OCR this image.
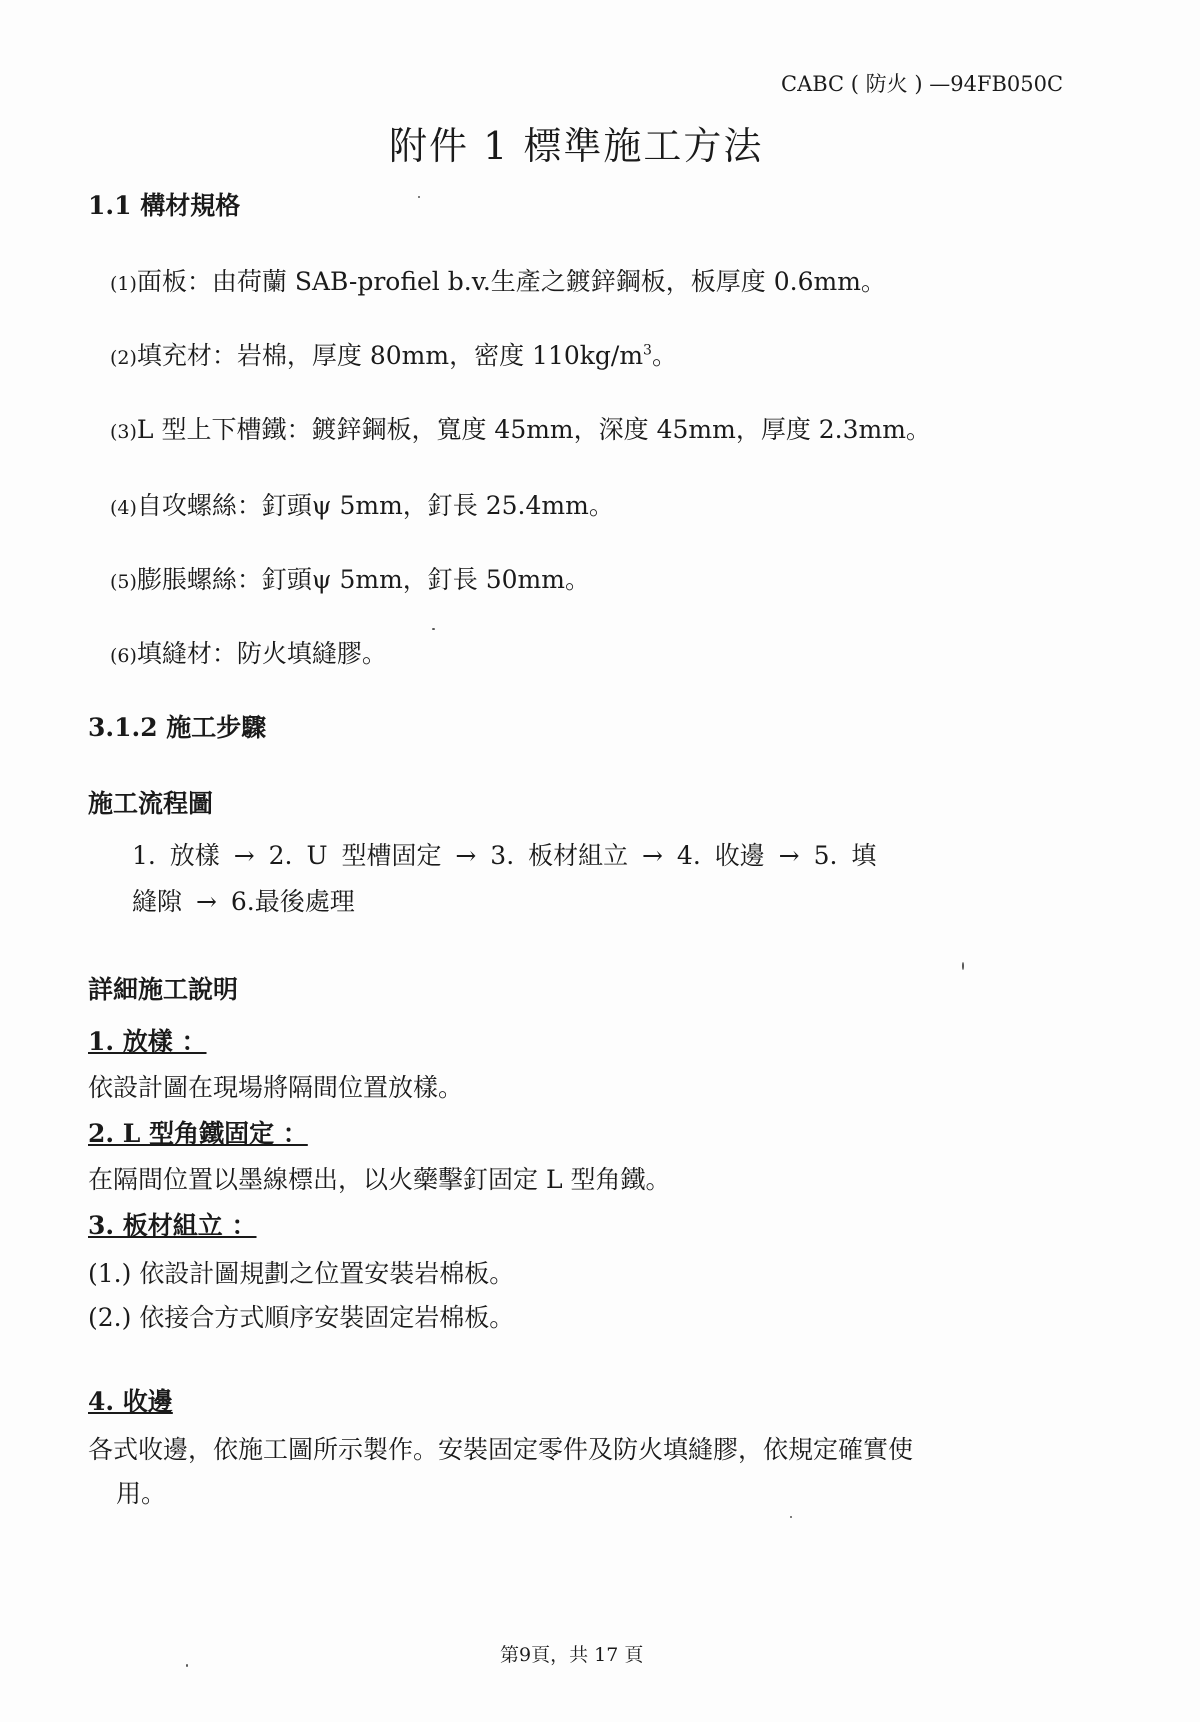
CABC ( 防火 ) —94FB050C
附件 1 標準施工方法
1.1 構材規格
(1)面板：由荷蘭 SAB-profiel b.v.生產之鍍鋅鋼板，板厚度 0.6mm。
(2)填充材：岩棉，厚度 80mm，密度 $110kg/m^3$。
(3)L 型上下槽鐵：鍍鋅鋼板，寬度 45mm，深度 45mm，厚度 2.3mm。
(4)自攻螺絲：釘頭ψ 5mm，釘長 25.4mm。
(5)膨脹螺絲：釘頭ψ 5mm，釘長 50mm。
(6)填縫材：防火填縫膠。
3.1.2 施工步驟
施工流程圖
1. 放樣 → 2. U 型槽固定 → 3. 板材組立 → 4. 收邊 → 5. 填
縫隙 → 6.最後處理
詳細施工說明
1. 放樣 ：
依設計圖在現場將隔間位置放樣。
2. L 型角鐵固定 ：
在隔間位置以墨線標出，以火藥擊釘固定 L 型角鐵。
3. 板材組立 ：
(1.) 依設計圖規劃之位置安裝岩棉板。
(2.) 依接合方式順序安裝固定岩棉板。
4. 收邊
各式收邊，依施工圖所示製作。安裝固定零件及防火填縫膠，依規定確實使
用。
第9頁，共 17 頁
